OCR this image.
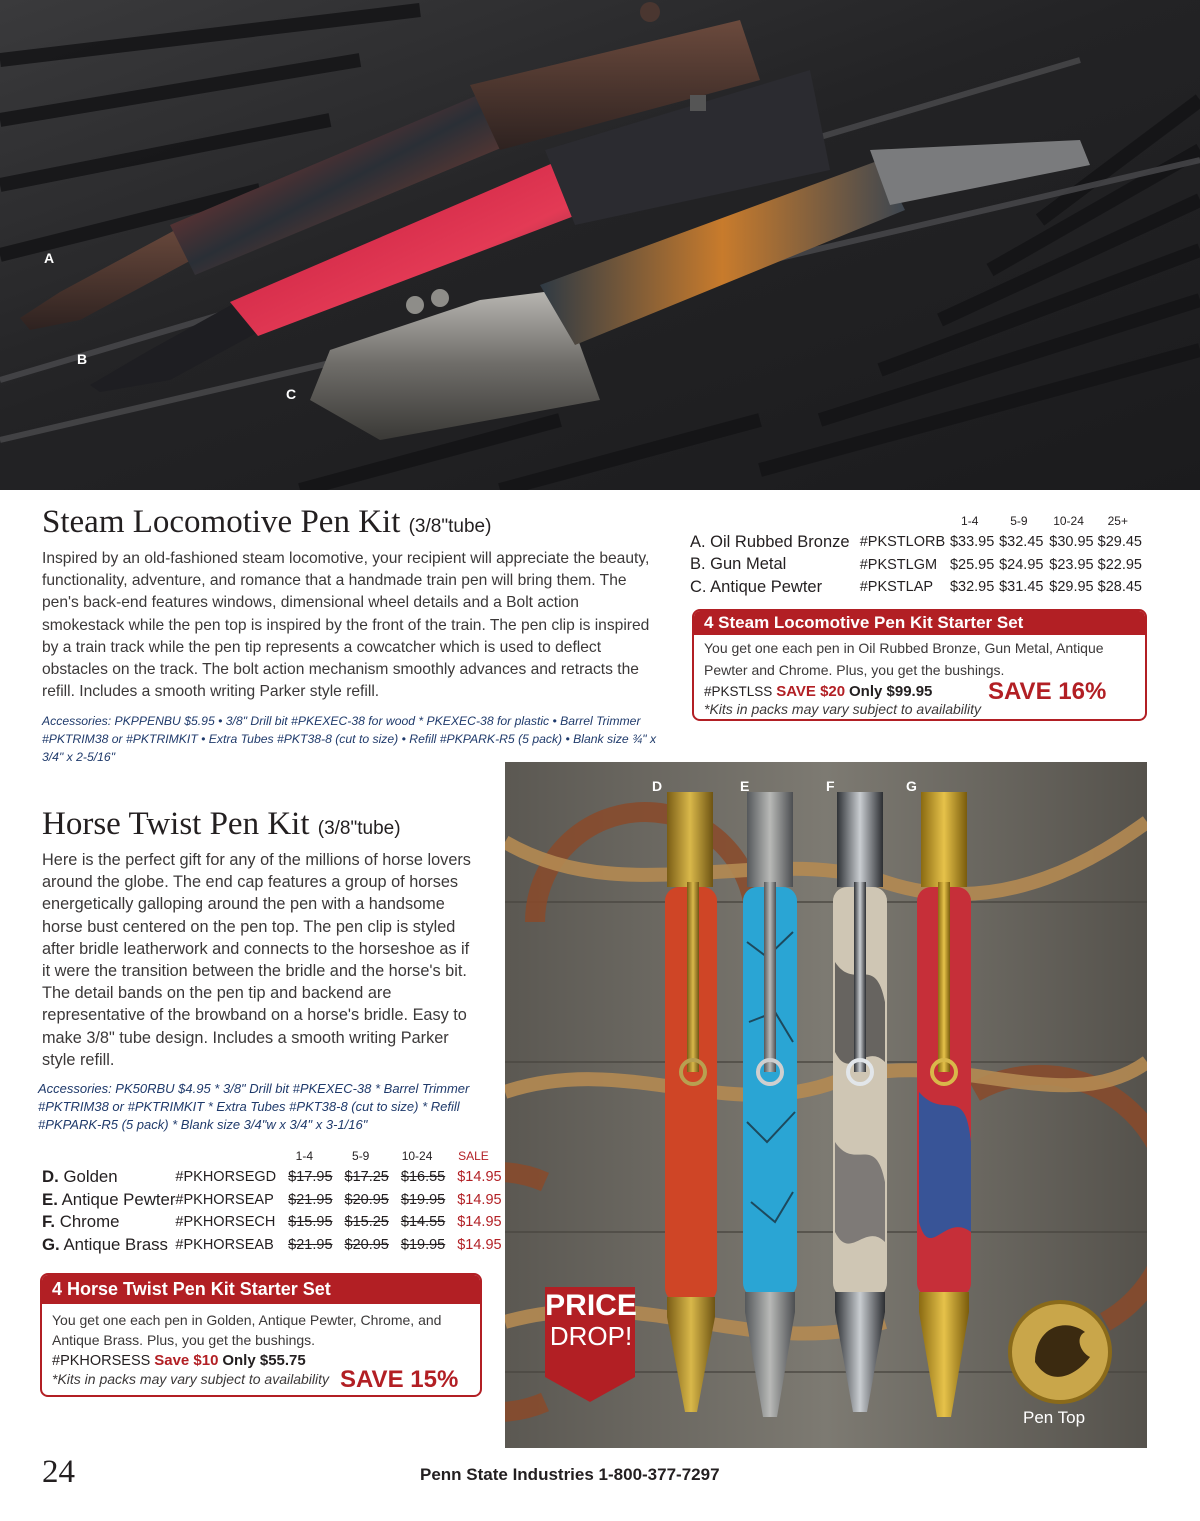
A
B
C
Steam Locomotive Pen Kit (3/8"tube)
Inspired by an old-fashioned steam locomotive, your recipient will appreciate the beauty, functionality, adventure, and romance that a handmade train pen will bring them. The pen's back-end features windows, dimensional wheel details and a Bolt action smokestack while the pen top is inspired by the front of the train. The pen clip is inspired by a train track while the pen tip represents a cowcatcher which is used to deflect obstacles on the track. The bolt action mechanism smoothly advances and retracts the refill. Includes a smooth writing Parker style refill.
Accessories: PKPPENBU $5.95 • 3/8" Drill bit #PKEXEC-38 for wood * PKEXEC-38 for plastic • Barrel Trimmer #PKTRIM38 or #PKTRIMKIT • Extra Tubes #PKT38-8 (cut to size) • Refill #PKPARK-R5 (5 pack) • Blank size ¾" x 3/4" x 2-5/16"
		1-4	5-9	10-24	25+
A. Oil Rubbed Bronze	#PKSTLORB	$33.95	$32.45	$30.95	$29.45
B. Gun Metal	#PKSTLGM	$25.95	$24.95	$23.95	$22.95
C. Antique Pewter	#PKSTLAP	$32.95	$31.45	$29.95	$28.45
4 Steam Locomotive Pen Kit Starter Set
You get one each pen in Oil Rubbed Bronze, Gun Metal, Antique Pewter and Chrome. Plus, you get the bushings.
#PKSTLSS SAVE $20 Only $99.95
*Kits in packs may vary subject to availability
SAVE 16%
Horse Twist Pen Kit (3/8"tube)
Here is the perfect gift for any of the millions of horse lovers around the globe. The end cap features a group of horses energetically galloping around the pen with a handsome horse bust centered on the pen top. The pen clip is styled after bridle leatherwork and connects to the horseshoe as if it were the transition between the bridle and the horse's bit. The detail bands on the pen tip and backend are representative of the browband on a horse's bridle. Easy to make 3/8" tube design. Includes a smooth writing Parker style refill.
Accessories: PK50RBU $4.95 * 3/8" Drill bit #PKEXEC-38 * Barrel Trimmer #PKTRIM38 or #PKTRIMKIT * Extra Tubes #PKT38-8 (cut to size) * Refill #PKPARK-R5 (5 pack) * Blank size 3/4"w x 3/4" x 3-1/16"
		1-4	5-9	10-24	SALE
D. Golden	#PKHORSEGD	$17.95	$17.25	$16.55	$14.95
E. Antique Pewter	#PKHORSEAP	$21.95	$20.95	$19.95	$14.95
F. Chrome	#PKHORSECH	$15.95	$15.25	$14.55	$14.95
G. Antique Brass	#PKHORSEAB	$21.95	$20.95	$19.95	$14.95
4 Horse Twist Pen Kit Starter Set
You get one each pen in Golden, Antique Pewter, Chrome, and Antique Brass. Plus, you get the bushings.
#PKHORSESS Save $10 Only $55.75
*Kits in packs may vary subject to availability SAVE 15%
D	E	F	G
PRICE
DROP!
Pen Top
24	Penn State Industries 1-800-377-7297
